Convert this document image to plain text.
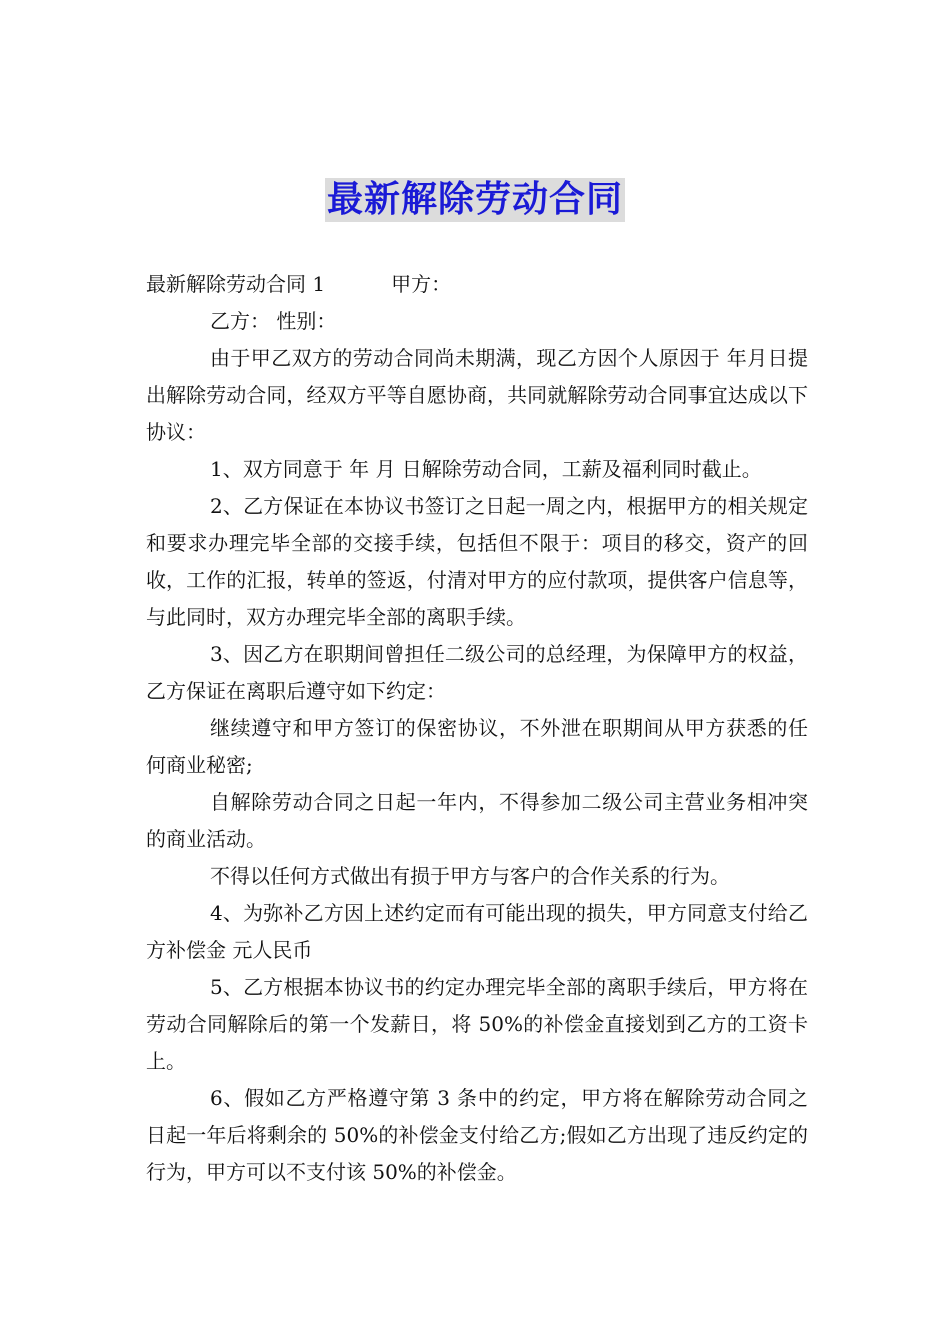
最新解除劳动合同

最新解除劳动合同 1	甲方：

乙方： 性别：

由于甲乙双方的劳动合同尚未期满，现乙方因个人原因于 年月日提出解除劳动合同，经双方平等自愿协商，共同就解除劳动合同事宜达成以下协议：

1、双方同意于 年 月 日解除劳动合同，工薪及福利同时截止。

2、乙方保证在本协议书签订之日起一周之内，根据甲方的相关规定和要求办理完毕全部的交接手续，包括但不限于：项目的移交，资产的回收，工作的汇报，转单的签返，付清对甲方的应付款项，提供客户信息等，与此同时，双方办理完毕全部的离职手续。

3、因乙方在职期间曾担任二级公司的总经理，为保障甲方的权益，乙方保证在离职后遵守如下约定：

继续遵守和甲方签订的保密协议，不外泄在职期间从甲方获悉的任何商业秘密;

自解除劳动合同之日起一年内，不得参加二级公司主营业务相冲突的商业活动。

不得以任何方式做出有损于甲方与客户的合作关系的行为。

4、为弥补乙方因上述约定而有可能出现的损失，甲方同意支付给乙方补偿金 元人民币

5、乙方根据本协议书的约定办理完毕全部的离职手续后，甲方将在劳动合同解除后的第一个发薪日，将 50%的补偿金直接划到乙方的工资卡上。

6、假如乙方严格遵守第 3 条中的约定，甲方将在解除劳动合同之日起一年后将剩余的 50%的补偿金支付给乙方;假如乙方出现了违反约定的行为，甲方可以不支付该 50%的补偿金。
